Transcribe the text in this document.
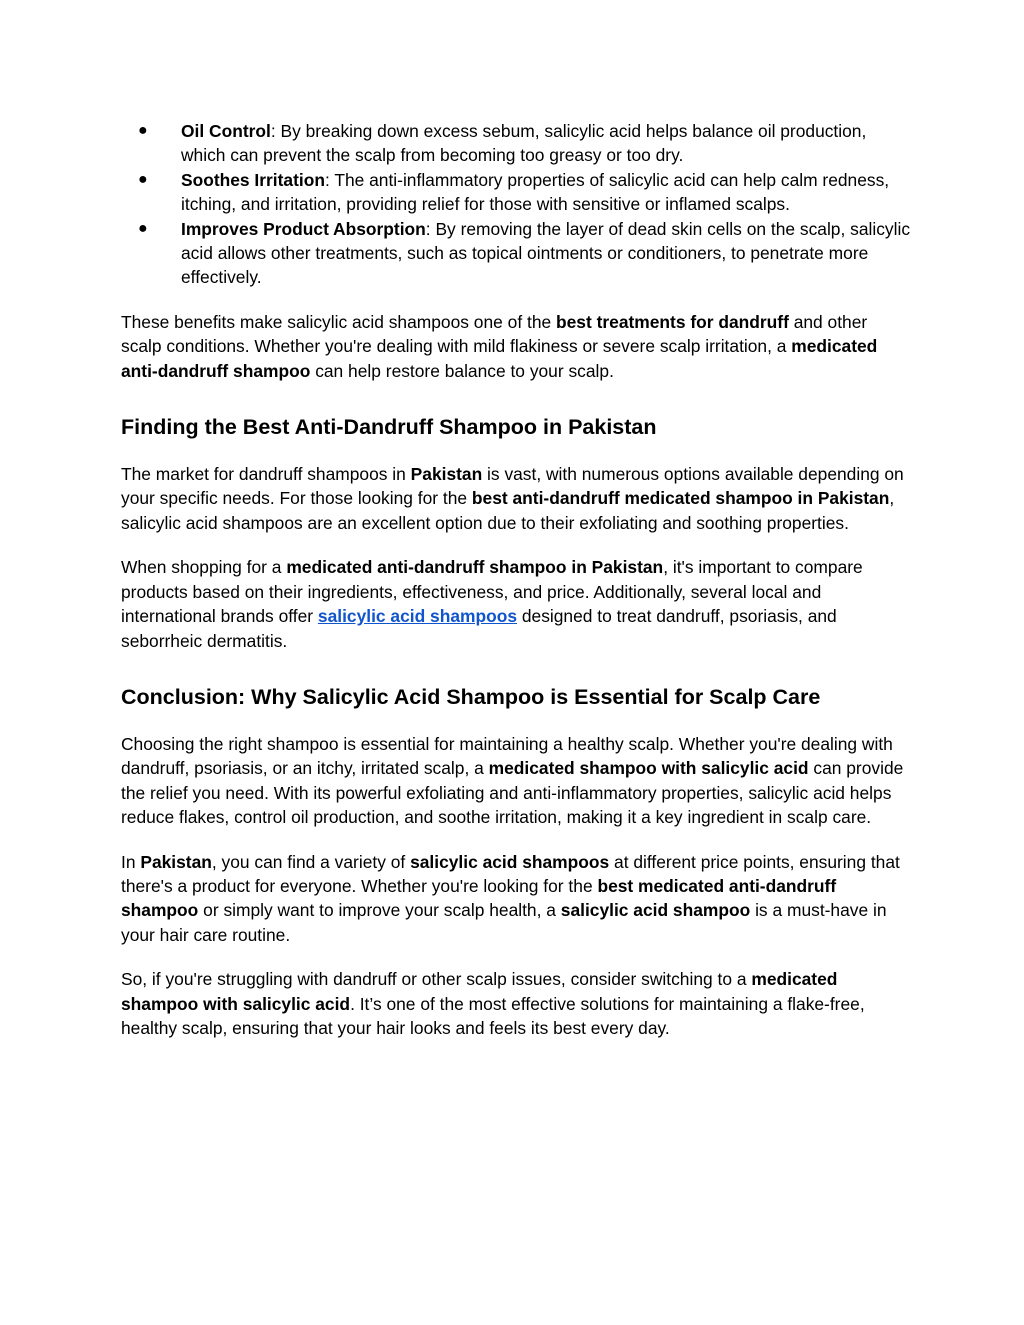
● Oil Control: By breaking down excess sebum, salicylic acid helps balance oil production, which can prevent the scalp from becoming too greasy or too dry.
● Soothes Irritation: The anti-inflammatory properties of salicylic acid can help calm redness, itching, and irritation, providing relief for those with sensitive or inflamed scalps.
● Improves Product Absorption: By removing the layer of dead skin cells on the scalp, salicylic acid allows other treatments, such as topical ointments or conditioners, to penetrate more effectively.

These benefits make salicylic acid shampoos one of the best treatments for dandruff and other scalp conditions. Whether you're dealing with mild flakiness or severe scalp irritation, a medicated anti-dandruff shampoo can help restore balance to your scalp.

Finding the Best Anti-Dandruff Shampoo in Pakistan

The market for dandruff shampoos in Pakistan is vast, with numerous options available depending on your specific needs. For those looking for the best anti-dandruff medicated shampoo in Pakistan, salicylic acid shampoos are an excellent option due to their exfoliating and soothing properties.

When shopping for a medicated anti-dandruff shampoo in Pakistan, it's important to compare products based on their ingredients, effectiveness, and price. Additionally, several local and international brands offer salicylic acid shampoos designed to treat dandruff, psoriasis, and seborrheic dermatitis.

Conclusion: Why Salicylic Acid Shampoo is Essential for Scalp Care

Choosing the right shampoo is essential for maintaining a healthy scalp. Whether you're dealing with dandruff, psoriasis, or an itchy, irritated scalp, a medicated shampoo with salicylic acid can provide the relief you need. With its powerful exfoliating and anti-inflammatory properties, salicylic acid helps reduce flakes, control oil production, and soothe irritation, making it a key ingredient in scalp care.

In Pakistan, you can find a variety of salicylic acid shampoos at different price points, ensuring that there's a product for everyone. Whether you're looking for the best medicated anti-dandruff shampoo or simply want to improve your scalp health, a salicylic acid shampoo is a must-have in your hair care routine.

So, if you're struggling with dandruff or other scalp issues, consider switching to a medicated shampoo with salicylic acid. It’s one of the most effective solutions for maintaining a flake-free, healthy scalp, ensuring that your hair looks and feels its best every day.
